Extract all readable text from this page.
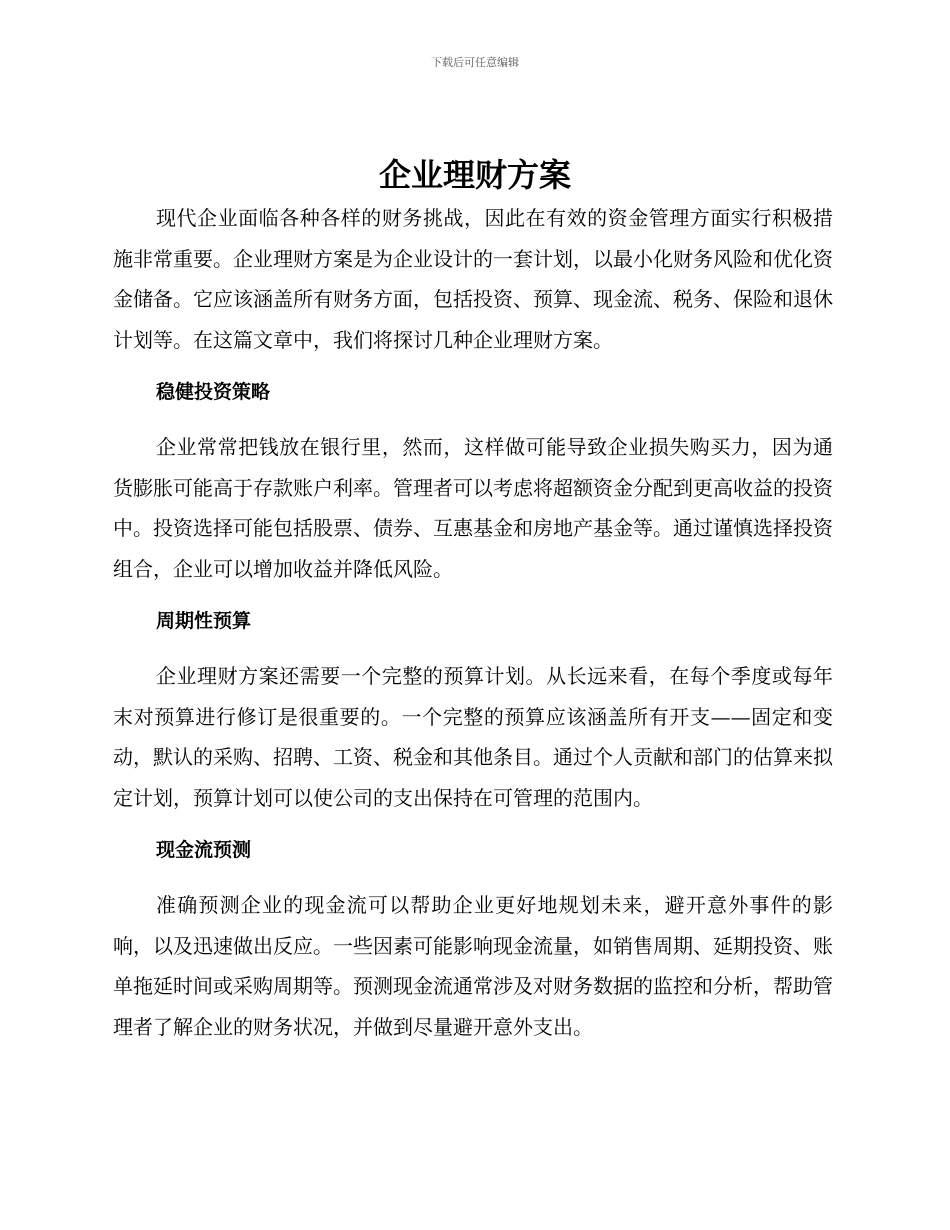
下载后可任意编辑
企业理财方案

现代企业面临各种各样的财务挑战，因此在有效的资金管理方面实行积极措施非常重要。企业理财方案是为企业设计的一套计划，以最小化财务风险和优化资金储备。它应该涵盖所有财务方面，包括投资、预算、现金流、税务、保险和退休计划等。在这篇文章中，我们将探讨几种企业理财方案。

稳健投资策略

企业常常把钱放在银行里，然而，这样做可能导致企业损失购买力，因为通货膨胀可能高于存款账户利率。管理者可以考虑将超额资金分配到更高收益的投资中。投资选择可能包括股票、债券、互惠基金和房地产基金等。通过谨慎选择投资组合，企业可以增加收益并降低风险。

周期性预算

企业理财方案还需要一个完整的预算计划。从长远来看，在每个季度或每年末对预算进行修订是很重要的。一个完整的预算应该涵盖所有开支——固定和变动，默认的采购、招聘、工资、税金和其他条目。通过个人贡献和部门的估算来拟定计划，预算计划可以使公司的支出保持在可管理的范围内。

现金流预测

准确预测企业的现金流可以帮助企业更好地规划未来，避开意外事件的影响，以及迅速做出反应。一些因素可能影响现金流量，如销售周期、延期投资、账单拖延时间或采购周期等。预测现金流通常涉及对财务数据的监控和分析，帮助管理者了解企业的财务状况，并做到尽量避开意外支出。
